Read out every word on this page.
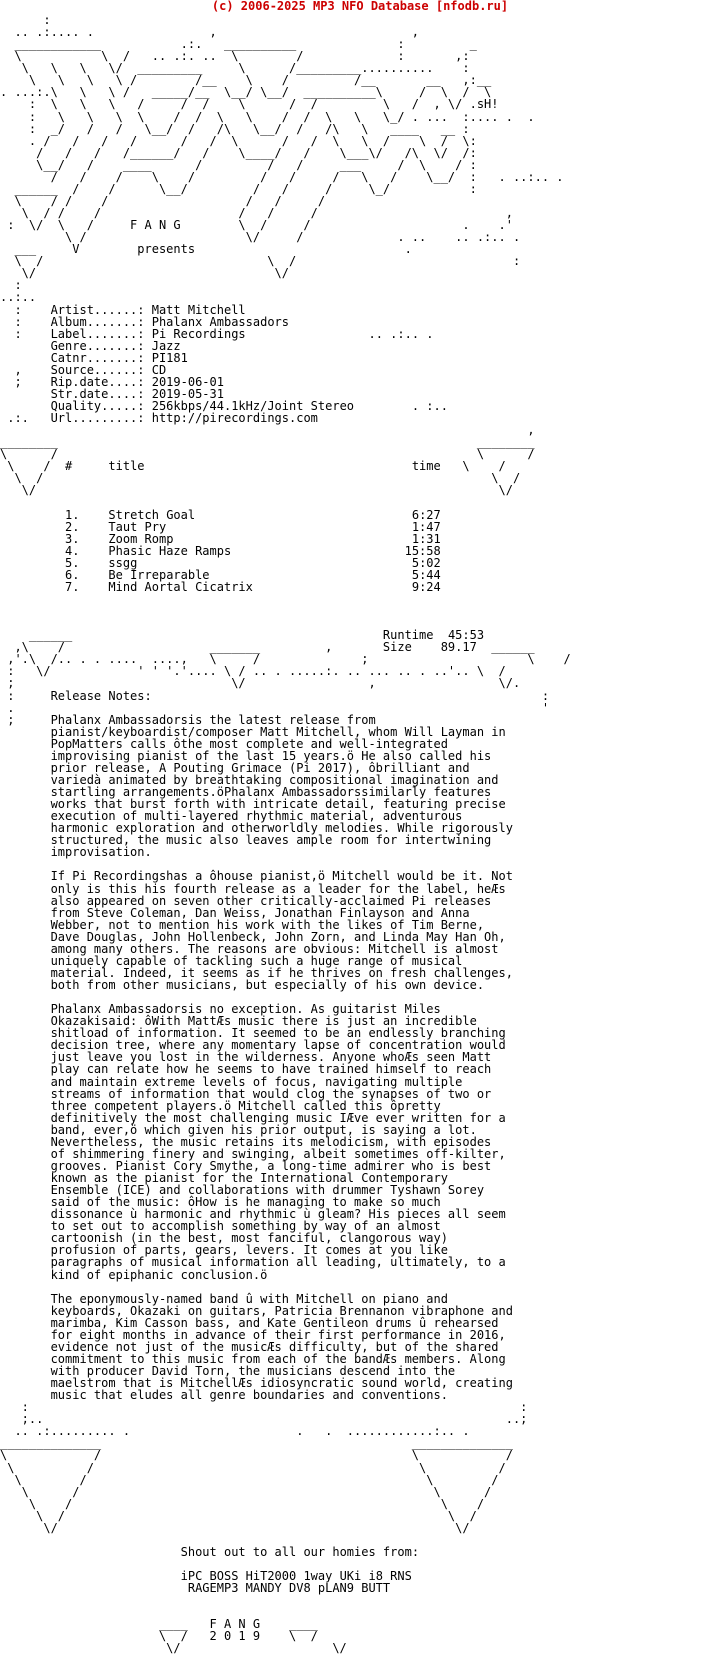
(c) 2006-2025 MP3 NFO Database [nfodb.ru]
:
.. .:.... .                ,                           ,
____________           .:.   __________              :         _
\           \  /   .. .:. ..  \        /             :       ,:
\   \   \   \/  _________     \      /_________..........    :
\   \   \   \ /        /__    \    /         /__       __   ,:__
. ...:.\   \   \ /   _____/__  \__/ \__/  __________\     /  \  /  \
:  \   \   \   /     /  /    \      /  /         \   /  , \/ .sH!
:   \   \   \  \    /  /  \   \    /  /  \   \   \_/ . ...  :.... .  .
:  _/   /   /   \__/  /   /\   \__/  /   /\   \   ____   __ :
. /   /   /   /      /   /  \      /   /  \   \  /    \  /  \:
/   /   /   /______/   /    \____/   /    \___\/   /\  \/  /:
\__/   /    ____      /         /   /     ___     /  \    / :
/   /    /    \    /         /   /     /   \   /    \__/  :   . ..:.. .
______  /    /      \__/         /   /     /     \_/           :
\    / /    /                   /   /     /
\  / /    /                   /   /     /                          ,
:  \/  \   /     F A N G        \  /     /                     .    .'
\ /                      \/     /             . ..    .. .:.. .
___     V        presents                             .
\  /                               \  /                              :
\/                                 \/
:
..:..
:    Artist......: Matt Mitchell
:    Album.......: Phalanx Ambassadors
:    Label.......: Pi Recordings	.. .:.. .
Genre.......: Jazz
Catnr.......: PI181
,    Source......: CD
;    Rip.date....: 2019-06-01
Str.date....: 2019-05-31
Quality.....: 256kbps/44.1kHz/Joint Stereo	. :..
.:.   Url.........: http://pirecordings.com
,
________                                                          ________
\      /                                                          \      /
\    /  #	title	time   \    /
\  /                                                              \  /
\/                                                                \/

1. Stretch Goal	6:27
2. Taut Pry	1:47
3. Zoom Romp	1:31
4. Phasic Haze Ramps	15:58
5. ssgg	5:02
6. Be Irreparable	5:44
7. Mind Aortal Cicatrix	9:24

______                                           Runtime  45:53
,\    /                    _______         ,       Size    89.17  ______
,'.\  /.. . . ....  ....,   \     /              ;                      \    /
:   \/            ' ' '.'.... \ / .. . .....:. .. ... .. . ..'.. \  /
;                              \/                 ,                 \/.
:	Release Notes:	:
.                                                                         '
;	Phalanx Ambassadorsis the latest release from
pianist/keyboardist/composer Matt Mitchell, whom Will Layman in
PopMatters calls ôthe most complete and well-integrated
improvising pianist of the last 15 years.ö He also called his
prior release, A Pouting Grimace (Pi 2017), ôbrilliant and
variedà animated by breathtaking compositional imagination and
startling arrangements.öPhalanx Ambassadorssimilarly features
works that burst forth with intricate detail, featuring precise
execution of multi-layered rhythmic material, adventurous
harmonic exploration and otherworldly melodies. While rigorously
structured, the music also leaves ample room for intertwining
improvisation.

If Pi Recordingshas a ôhouse pianist,ö Mitchell would be it. Not
only is this his fourth release as a leader for the label, heÆs
also appeared on seven other critically-acclaimed Pi releases
from Steve Coleman, Dan Weiss, Jonathan Finlayson and Anna
Webber, not to mention his work with the likes of Tim Berne,
Dave Douglas, John Hollenbeck, John Zorn, and Linda May Han Oh,
among many others. The reasons are obvious: Mitchell is almost
uniquely capable of tackling such a huge range of musical
material. Indeed, it seems as if he thrives on fresh challenges,
both from other musicians, but especially of his own device.

Phalanx Ambassadorsis no exception. As guitarist Miles
Okazakisaid: ôWith MattÆs music there is just an incredible
shitload of information. It seemed to be an endlessly branching
decision tree, where any momentary lapse of concentration would
just leave you lost in the wilderness. Anyone whoÆs seen Matt
play can relate how he seems to have trained himself to reach
and maintain extreme levels of focus, navigating multiple
streams of information that would clog the synapses of two or
three competent players.ö Mitchell called this ôpretty
definitively the most challenging music IÆve ever written for a
band, ever,ö which given his prior output, is saying a lot.
Nevertheless, the music retains its melodicism, with episodes
of shimmering finery and swinging, albeit sometimes off-kilter,
grooves. Pianist Cory Smythe, a long-time admirer who is best
known as the pianist for the International Contemporary
Ensemble (ICE) and collaborations with drummer Tyshawn Sorey
said of the music: ôHow is he managing to make so much
dissonance ù harmonic and rhythmic ù gleam? His pieces all seem
to set out to accomplish something by way of an almost
cartoonish (in the best, most fanciful, clangorous way)
profusion of parts, gears, levers. It comes at you like
paragraphs of musical information all leading, ultimately, to a
kind of epiphanic conclusion.ö

The eponymously-named band û with Mitchell on piano and
keyboards, Okazaki on guitars, Patricia Brennanon vibraphone and
marimba, Kim Casson bass, and Kate Gentileon drums û rehearsed
for eight months in advance of their first performance in 2016,
evidence not just of the musicÆs difficulty, but of the shared
commitment to this music from each of the bandÆs members. Along
with producer David Torn, the musicians descend into the
maelstrom that is MitchellÆs idiosyncratic sound world, creating
music that eludes all genre boundaries and conventions.
:                                                                    :
;..                                                                ..;
.. .:......... .                       .   .  ............:.. .
______________                                           ______________
\            /                                           \            /
\          /                                             \          /
\        /                                               \        /
\      /                                                 \      /
\    /                                                   \    /
\  /                                                     \  /
\/                                                       \/

Shout out to all our homies from:

iPC BOSS HiT2000 1way UKi i8 RNS
RAGEMP3 MANDY DV8 pLAN9 BUTT

____   F A N G    ____
\  /   2 0 1 9    \  /
\/                     \/
